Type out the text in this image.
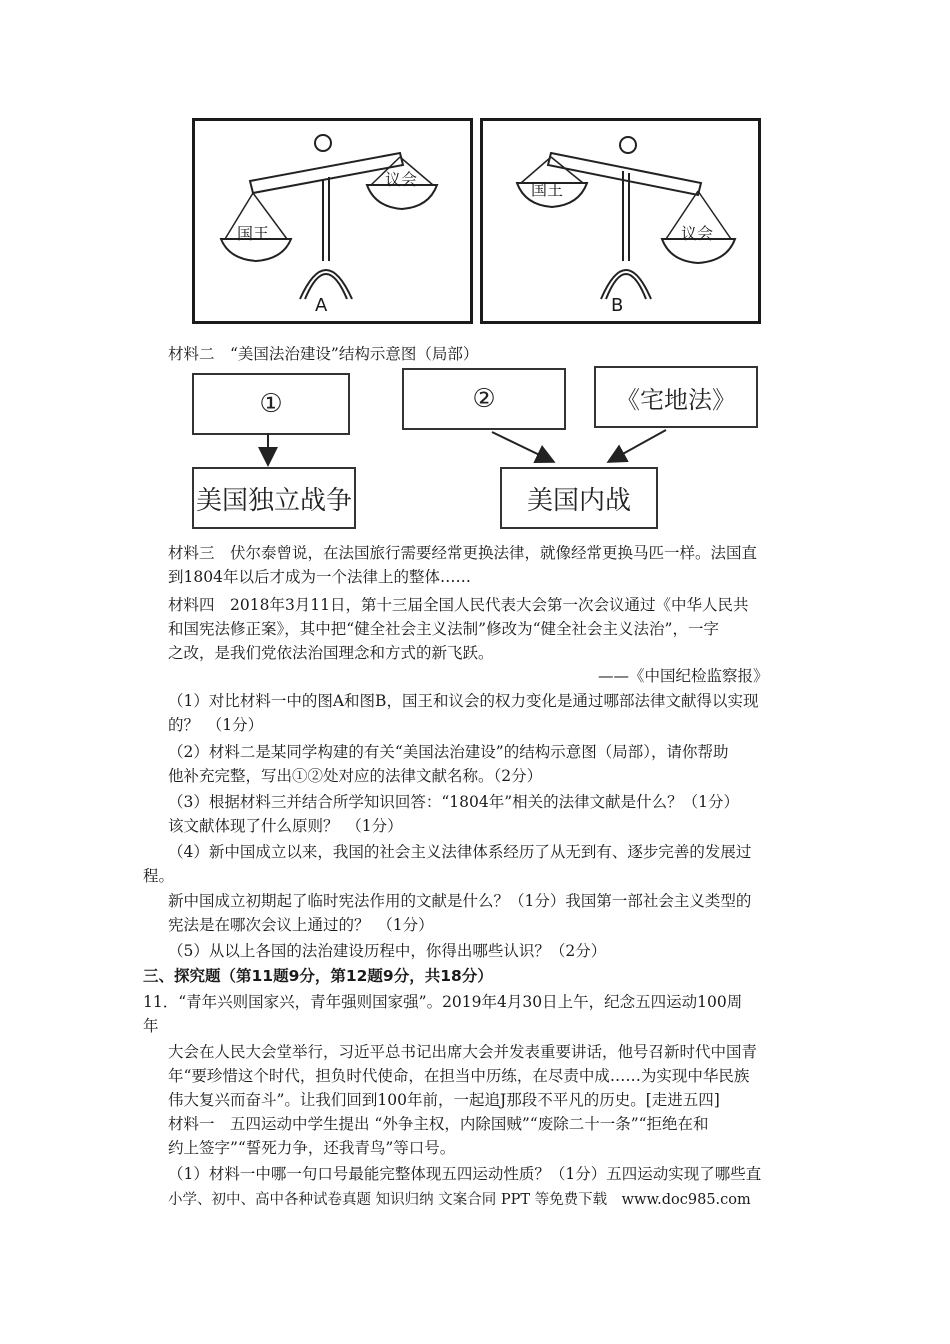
国王
议会
A
国王
议会
B
材料二　“美国法治建设”结构示意图（局部）
①	②	《宅地法》
美国独立战争	美国内战
材料三　伏尔泰曾说，在法国旅行需要经常更换法律，就像经常更换马匹一样。法国直
到1804年以后才成为一个法律上的整体……
材料四　2018年3月11日，第十三届全国人民代表大会第一次会议通过《中华人民共
和国宪法修正案》，其中把“健全社会主义法制”修改为“健全社会主义法治”，一字
之改，是我们党依法治国理念和方式的新飞跃。
——《中国纪检监察报》
（1）对比材料一中的图A和图B，国王和议会的权力变化是通过哪部法律文献得以实现
的？　（1分）
（2）材料二是某同学构建的有关“美国法治建设”的结构示意图（局部），请你帮助
他补充完整，写出①②处对应的法律文献名称。（2分）
（3）根据材料三并结合所学知识回答：“1804年”相关的法律文献是什么？（1分）
该文献体现了什么原则？　（1分）
（4）新中国成立以来，我国的社会主义法律体系经历了从无到有、逐步完善的发展过
程。
新中国成立初期起了临时宪法作用的文献是什么？（1分）我国第一部社会主义类型的
宪法是在哪次会议上通过的？　（1分）
（5）从以上各国的法治建设历程中，你得出哪些认识？（2分）
三、探究题（第11题9分，第12题9分，共18分）
11．“青年兴则国家兴，青年强则国家强”。2019年4月30日上午，纪念五四运动100周
年
大会在人民大会堂举行，习近平总书记出席大会并发表重要讲话，他号召新时代中国青
年“要珍惜这个时代，担负时代使命，在担当中历练，在尽责中成……为实现中华民族
伟大复兴而奋斗”。让我们回到100年前，一起追J那段不平凡的历史。[走进五四]
材料一　五四运动中学生提出 “外争主权，内除国贼”“废除二十一条”“拒绝在和
约上签字”“誓死力争，还我青鸟”等口号。
（1）材料一中哪一句口号最能完整体现五四运动性质？（1分）五四运动实现了哪些直
小学、初中、高中各种试卷真题 知识归纳 文案合同 PPT 等免费下载　www.doc985.com
